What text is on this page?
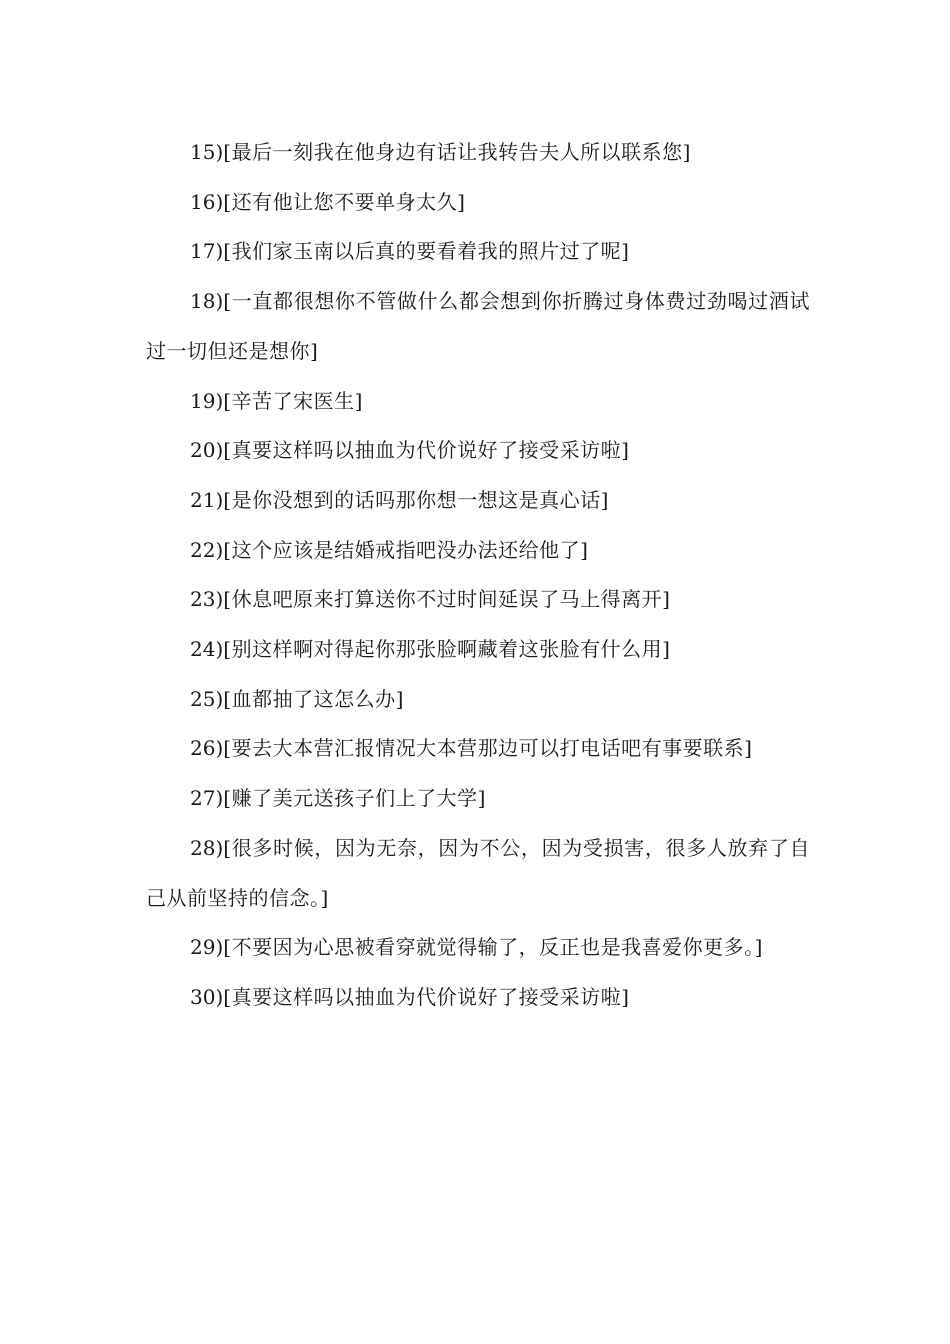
15)[最后一刻我在他身边有话让我转告夫人所以联系您]

16)[还有他让您不要单身太久]

17)[我们家玉南以后真的要看着我的照片过了呢]

18)[一直都很想你不管做什么都会想到你折腾过身体费过劲喝过酒试过一切但还是想你]

19)[辛苦了宋医生]

20)[真要这样吗以抽血为代价说好了接受采访啦]

21)[是你没想到的话吗那你想一想这是真心话]

22)[这个应该是结婚戒指吧没办法还给他了]

23)[休息吧原来打算送你不过时间延误了马上得离开]

24)[别这样啊对得起你那张脸啊藏着这张脸有什么用]

25)[血都抽了这怎么办]

26)[要去大本营汇报情况大本营那边可以打电话吧有事要联系]

27)[赚了美元送孩子们上了大学]

28)[很多时候，因为无奈，因为不公，因为受损害，很多人放弃了自己从前坚持的信念。]

29)[不要因为心思被看穿就觉得输了，反正也是我喜爱你更多。]

30)[真要这样吗以抽血为代价说好了接受采访啦]
